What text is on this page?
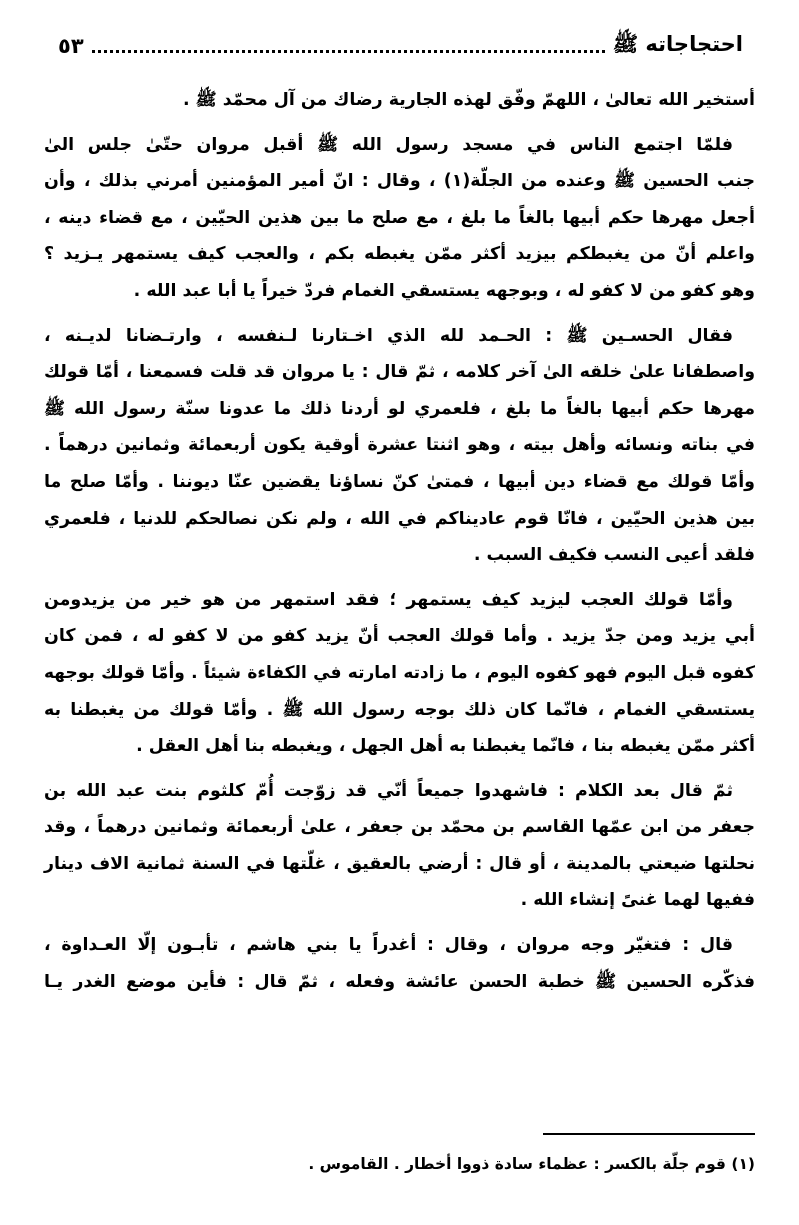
احتجاجاته ﷺ
٥٣

أستخير الله تعالىٰ ، اللهمّ وفّق لهذه الجارية رضاك من آل محمّد ﷺ .

فلمّا اجتمع الناس في مسجد رسول الله ﷺ أقبل مروان حتّىٰ جلس الىٰ
جنب الحسين ﷺ وعنده من الجلّة(١) ، وقال : انّ أمير المؤمنين أمرني بذلك ، وأن
أجعل مهرها حكم أبيها بالغاً ما بلغ ، مع صلح ما بين هذين الحيّين ، مع قضاء دينه ،
واعلم أنّ من يغبطكم بيزيد أكثر ممّن يغبطه بكم ، والعجب كيف يستمهر يـزيد ؟
وهو كفو من لا كفو له ، وبوجهه يستسقي الغمام فردّ خيراً يا أبا عبد الله .

فقال الحسـين ﷺ : الحـمد لله الذي اخـتارنا لـنفسه ، وارتـضانا لديـنه ،
واصطفانا علىٰ خلقه الىٰ آخر كلامه ، ثمّ قال : يا مروان قد قلت فسمعنا ، أمّا قولك
مهرها حكم أبيها بالغاً ما بلغ ، فلعمري لو أردنا ذلك ما عدونا سنّة رسول الله ﷺ
في بناته ونسائه وأهل بيته ، وهو اثنتا عشرة أوقية يكون أربعمائة وثمانين درهماً .
وأمّا قولك مع قضاء دين أبيها ، فمتىٰ كنّ نساؤنا يقضين عنّا ديوننا . وأمّا صلح ما
بين هذين الحيّين ، فانّا قوم عاديناكم في الله ، ولم نكن نصالحكم للدنيا ، فلعمري
فلقد أعيى النسب فكيف السبب .

وأمّا قولك العجب ليزيد كيف يستمهر ؛ فقد استمهر من هو خير من يزيدومن
أبي يزيد ومن جدّ يزيد . وأما قولك العجب أنّ يزيد كفو من لا كفو له ، فمن كان
كفوه قبل اليوم فهو كفوه اليوم ، ما زادته امارته في الكفاءة شيئاً . وأمّا قولك بوجهه
يستسقي الغمام ، فانّما كان ذلك بوجه رسول الله ﷺ . وأمّا قولك من يغبطنا به
أكثر ممّن يغبطه بنا ، فانّما يغبطنا به أهل الجهل ، ويغبطه بنا أهل العقل .

ثمّ قال بعد الكلام : فاشهدوا جميعاً أنّي قد زوّجت أُمّ كلثوم بنت عبد الله بن
جعفر من ابن عمّها القاسم بن محمّد بن جعفر ، علىٰ أربعمائة وثمانين درهماً ، وقد
نحلتها ضيعتي بالمدينة ، أو قال : أرضي بالعقيق ، غلّتها في السنة ثمانية الاف دينار
ففيها لهما غنىً إنشاء الله .

قال : فتغيّر وجه مروان ، وقال : أغدراً يا بني هاشم ، تأبـون إلّا العـداوة ،
فذكّره الحسين ﷺ خطبة الحسن عائشة وفعله ، ثمّ قال : فأين موضع الغدر يـا

(١) قوم جلّة بالكسر : عظماء سادة ذووا أخطار . القاموس .
